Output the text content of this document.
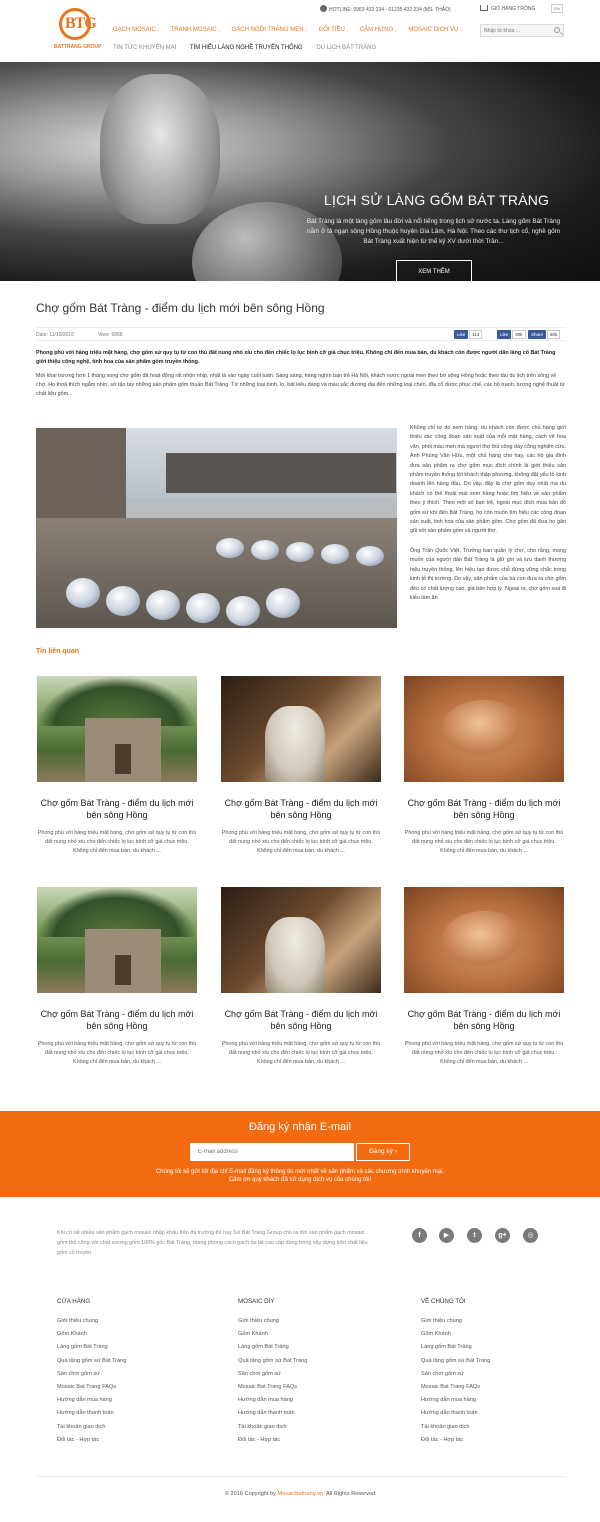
BTG
BATTRANG GROUP
HOTLINE: 0963 432 234 - 01235 432 234 (MS. THẢO)	GIỎ HÀNG TRỐNG	EN
GẠCH MOSAIC⌄ TRANH MOSAIC⌄ GẠCH NGÓI TRÁNG MEN⌄ GỐI TIỀU⌄ CẢM HỨNG⌄ MOSAIC DỊCH VỤ⌄
TIN TỨC KHUYẾN MẠI TÌM HIỂU LÀNG NGHỀ TRUYỀN THỐNG DU LỊCH BÁT TRÀNG
Nhập từ khóa ...
LỊCH SỬ LÀNG GỐM BÁT TRÀNG

Bát Tràng là một làng gốm lâu đời và nổi tiếng trong lịch sử nước ta. Làng gốm Bát Tràng nằm ở tả ngạn sông Hồng thuộc huyện Gia Lâm, Hà Nội. Theo các thư tịch cổ, nghề gốm Bát Tràng xuất hiện từ thế kỷ XV dưới thời Trần...

XEM THÊM
Chợ gốm Bát Tràng - điểm du lịch mới bên sông Hồng
Date: 11/10/2016	View: 6868	Like 114	Like 60k	Share 60k
Phong phú với hàng triệu mặt hàng, chợ gốm sứ quy tụ từ con thú đất nung nhỏ xíu cho đến chiếc lọ lục bình cỡ giá chục triệu. Không chỉ đến mua bán, du khách còn được người dân làng cổ Bát Tràng giới thiệu công nghệ, tinh hoa của sản phẩm gốm truyền thống.
Mới khai trương hơn 1 tháng song chợ gốm đã hoạt động rất nhộn nhịp, nhất là vào ngày cuối tuần. Sáng sáng, hàng nghìn bạn trẻ Hà Nội, khách nước ngoài men theo bờ sông Hồng hoặc theo tàu du lịch trên sông về chợ. Họ thoả thích ngắm nhìn, sờ tận tay những sản phẩm gốm thuần Bát Tràng. Từ những loại bình, lọ, bát kiểu dáng và màu sắc đương đại đến những loại chén, đĩa cổ được phục chế, các bộ tranh, tượng nghệ thuật từ chất liệu gốm...

Không chỉ tự do xem hàng, du khách còn được chủ hàng giới thiệu các công đoạn sản xuất của mỗi mặt hàng, cách vẽ hoa văn, phối màu men mà người thợ thủ công dày công nghiên cứu. Anh Phùng Văn Hữu, một chủ hàng cho hay, các hộ gia đình đưa sản phẩm ra chợ gốm mục đích chính là giới thiệu sản phẩm truyền thống tới khách thập phương, không đặt yếu tố kinh doanh lên hàng đầu. Do vậy, đây là chợ gốm duy nhất mà du khách có thể thoải mái xem hàng hoặc tìm hiểu về sản phẩm theo ý thích. Theo một số bạn trẻ, ngoài mục đích mua bán đồ gốm sứ khi đến Bát Tràng, họ còn muốn tìm hiểu các công đoạn sản xuất, tinh hoa của sản phẩm gốm. Chợ gốm đã đưa họ gần gũi với sản phẩm gốm và người thợ.

Ông Trần Quốc Việt, Trưởng ban quản lý chợ, cho rằng, mong muốn của người dân Bát Tràng là giữ gìn và lưu danh thương hiệu truyền thống, lên hiệu tạo được chỗ đứng vững chắc trong kinh tế thị trường. Do vậy, sản phẩm của bà con đưa ra chợ gốm đều có chất lượng cao, giá bán hợp lý. Ngoài ra, chợ gốm xoá đi kiểu làm ăn

Tin liên quan
Chợ gốm Bát Tràng - điểm du lịch mới bên sông Hồng

Phong phú với hàng triệu mặt hàng, chợ gốm sứ quy tụ từ con thú đất nung nhỏ xíu cho đến chiếc lọ lục bình cỡ giá chục triệu. Không chỉ đến mua bán, du khách ...

Chợ gốm Bát Tràng - điểm du lịch mới bên sông Hồng

Phong phú với hàng triệu mặt hàng, chợ gốm sứ quy tụ từ con thú đất nung nhỏ xíu cho đến chiếc lọ lục bình cỡ giá chục triệu. Không chỉ đến mua bán, du khách ...

Chợ gốm Bát Tràng - điểm du lịch mới bên sông Hồng

Phong phú với hàng triệu mặt hàng, chợ gốm sứ quy tụ từ con thú đất nung nhỏ xíu cho đến chiếc lọ lục bình cỡ giá chục triệu. Không chỉ đến mua bán, du khách ...

Chợ gốm Bát Tràng - điểm du lịch mới bên sông Hồng

Phong phú với hàng triệu mặt hàng, chợ gốm sứ quy tụ từ con thú đất nung nhỏ xíu cho đến chiếc lọ lục bình cỡ giá chục triệu. Không chỉ đến mua bán, du khách ...

Chợ gốm Bát Tràng - điểm du lịch mới bên sông Hồng

Phong phú với hàng triệu mặt hàng, chợ gốm sứ quy tụ từ con thú đất nung nhỏ xíu cho đến chiếc lọ lục bình cỡ giá chục triệu. Không chỉ đến mua bán, du khách ...

Chợ gốm Bát Tràng - điểm du lịch mới bên sông Hồng

Phong phú với hàng triệu mặt hàng, chợ gốm sứ quy tụ từ con thú đất nung nhỏ xíu cho đến chiếc lọ lục bình cỡ giá chục triệu. Không chỉ đến mua bán, du khách ...

Đăng ký nhận E-mail
E-mail address
Đăng ký ›
Chúng tôi sẽ gửi tới địa chỉ E-mail đăng ký thông tin mới nhất về sản phẩm và các chương trình khuyến mại.
Cảm ơn quý khách đã sử dụng dịch vụ của chúng tôi!
Khi có rất nhiều sản phẩm gạch mosaic nhập khẩu trên thị trường thì nay Sứ Bát Tràng Group cho ra đời sản phẩm gạch mosaic gốm thủ công với chất xương gốm 100% gốc Bát Tràng, mang phong cách gạch ốp lát cao cấp dùng trong xây dựng trên chất liệu gốm cổ truyền.
f	▶	t	g+	◎
CỬA HÀNG
Giới thiệu chung
Gốm Khánh
Làng gốm Bát Tràng
Quà tặng gốm sứ Bát Tràng
Sân chơi gốm sứ
Mosaic Bat Trang FAQs
Hướng dẫn mua hàng
Hướng dẫn thanh toán
Tài khoản giao dịch
Đối tác - Hợp tác
MOSAIC DIY
Giới thiệu chung
Gốm Khánh
Làng gốm Bát Tràng
Quà tặng gốm sứ Bát Tràng
Sân chơi gốm sứ
Mosaic Bat Trang FAQs
Hướng dẫn mua hàng
Hướng dẫn thanh toán
Tài khoản giao dịch
Đối tác - Hợp tác
VỀ CHÚNG TÔI
Giới thiệu chung
Gốm Khánh
Làng gốm Bát Tràng
Quà tặng gốm sứ Bát Tràng
Sân chơi gốm sứ
Mosaic Bat Trang FAQs
Hướng dẫn mua hàng
Hướng dẫn thanh toán
Tài khoản giao dịch
Đối tác - Hợp tác
© 2016 Copyright by Mosaicbattrang.vn. All Rights Reserved
